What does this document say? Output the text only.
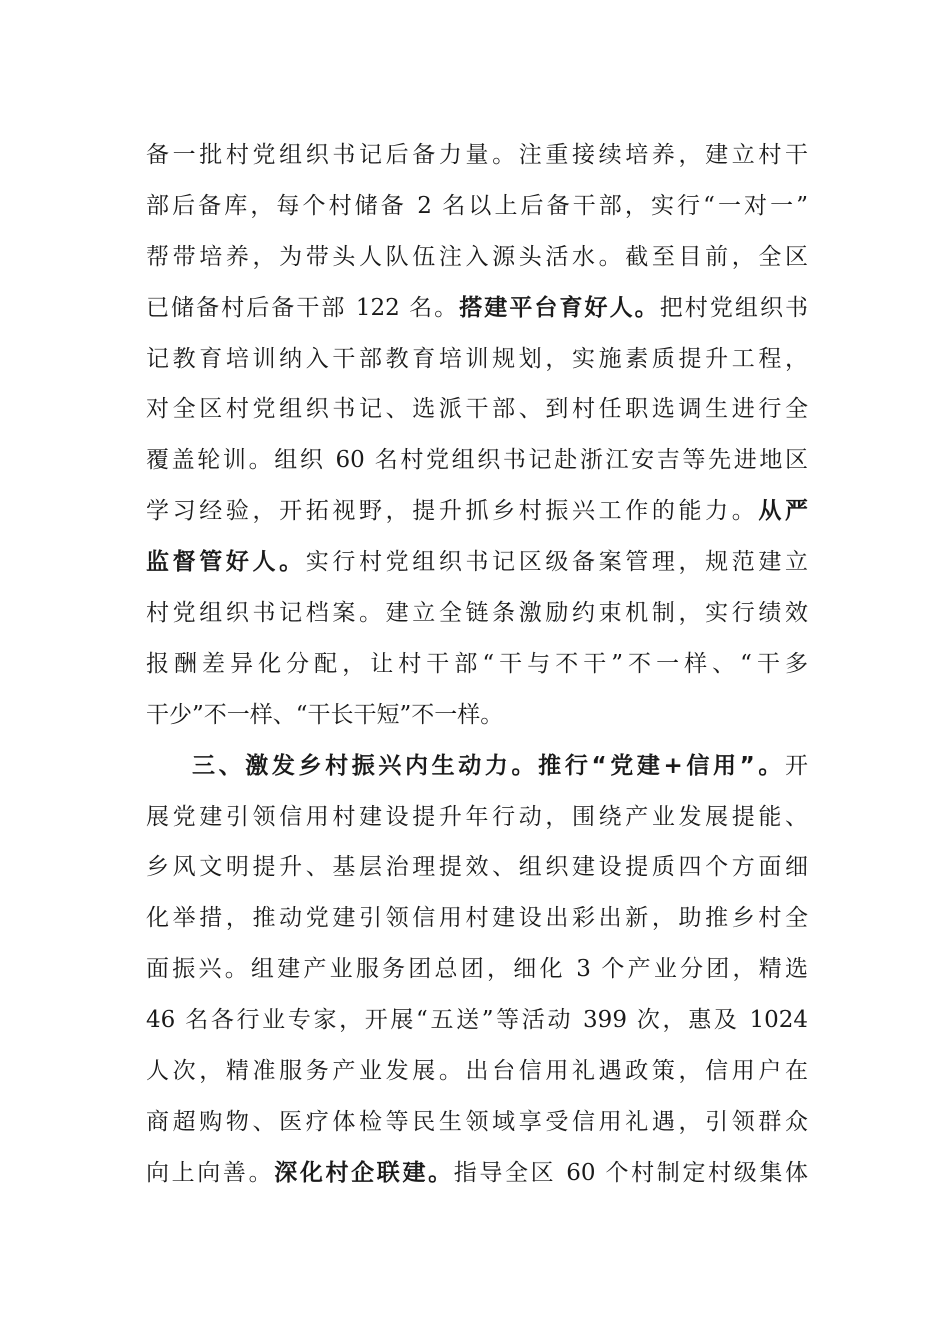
备一批村党组织书记后备力量。注重接续培养，建立村干
部后备库，每个村储备 2 名以上后备干部，实行“一对一”
帮带培养，为带头人队伍注入源头活水。截至目前，全区
已储备村后备干部 122 名。搭建平台育好人。把村党组织书
记教育培训纳入干部教育培训规划，实施素质提升工程，
对全区村党组织书记、选派干部、到村任职选调生进行全
覆盖轮训。组织 60 名村党组织书记赴浙江安吉等先进地区
学习经验，开拓视野，提升抓乡村振兴工作的能力。从严
监督管好人。实行村党组织书记区级备案管理，规范建立
村党组织书记档案。建立全链条激励约束机制，实行绩效
报酬差异化分配，让村干部“干与不干”不一样、“干多
干少”不一样、“干长干短”不一样。
三、激发乡村振兴内生动力。推行“党建+信用”。开
展党建引领信用村建设提升年行动，围绕产业发展提能、
乡风文明提升、基层治理提效、组织建设提质四个方面细
化举措，推动党建引领信用村建设出彩出新，助推乡村全
面振兴。组建产业服务团总团，细化 3 个产业分团，精选
46 名各行业专家，开展“五送”等活动 399 次，惠及 1024
人次，精准服务产业发展。出台信用礼遇政策，信用户在
商超购物、医疗体检等民生领域享受信用礼遇，引领群众
向上向善。深化村企联建。指导全区 60 个村制定村级集体
